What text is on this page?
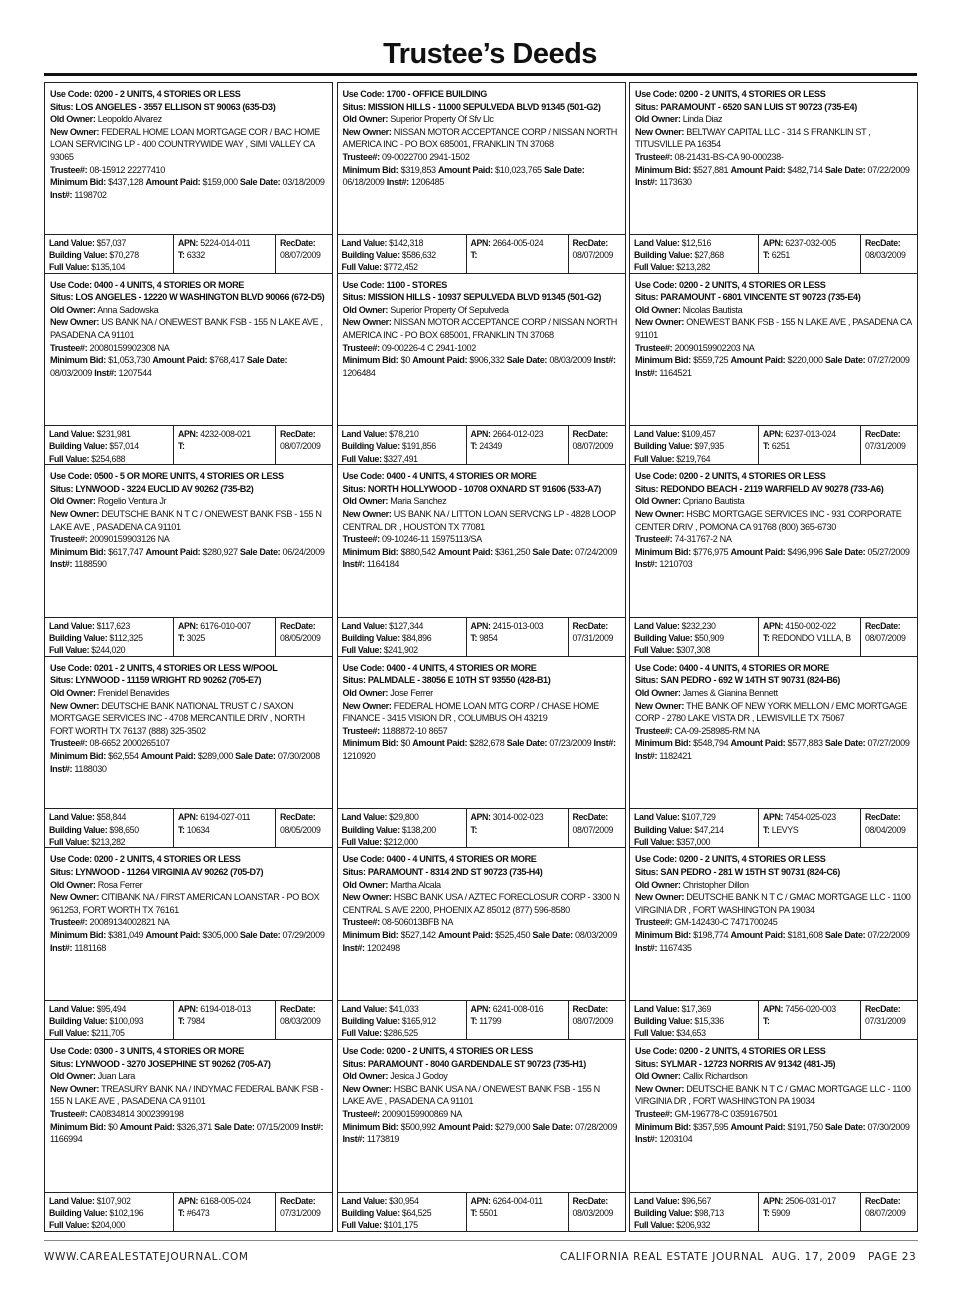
Trustee’s Deeds
Use Code: 0200 - 2 UNITS, 4 STORIES OR LESS
Situs: LOS ANGELES - 3557 ELLISON ST 90063 (635-D3)
Old Owner: Leopoldo Alvarez
New Owner: FEDERAL HOME LOAN MORTGAGE COR / BAC HOME LOAN SERVICING LP - 400 COUNTRYWIDE WAY , SIMI VALLEY CA 93065
Trustee#: 08-15912 22277410
Minimum Bid: $437,128 Amount Paid: $159,000 Sale Date: 03/18/2009 Inst#: 1198702
Land Value: $57,037
Building Value: $70,278
Full Value: $135,104
APN: 5224-014-011
T: 6332
RecDate:
08/07/2009
Use Code: 0400 - 4 UNITS, 4 STORIES OR MORE
Situs: LOS ANGELES - 12220 W WASHINGTON BLVD 90066 (672-D5)
Old Owner: Anna Sadowska
New Owner: US BANK NA / ONEWEST BANK FSB - 155 N LAKE AVE , PASADENA CA 91101
Trustee#: 20080159902308 NA
Minimum Bid: $1,053,730 Amount Paid: $768,417 Sale Date: 08/03/2009 Inst#: 1207544
Land Value: $231,981
Building Value: $57,014
Full Value: $254,688
APN: 4232-008-021
T:
RecDate:
08/07/2009
Use Code: 0500 - 5 OR MORE UNITS, 4 STORIES OR LESS
Situs: LYNWOOD - 3224 EUCLID AV 90262 (735-B2)
Old Owner: Rogelio Ventura Jr
New Owner: DEUTSCHE BANK N T C / ONEWEST BANK FSB - 155 N LAKE AVE , PASADENA CA 91101
Trustee#: 20090159903126 NA
Minimum Bid: $617,747 Amount Paid: $280,927 Sale Date: 06/24/2009 Inst#: 1188590
Land Value: $117,623
Building Value: $112,325
Full Value: $244,020
APN: 6176-010-007
T: 3025
RecDate:
08/05/2009
Use Code: 0201 - 2 UNITS, 4 STORIES OR LESS W/POOL
Situs: LYNWOOD - 11159 WRIGHT RD 90262 (705-E7)
Old Owner: Frenidel Benavides
New Owner: DEUTSCHE BANK NATIONAL TRUST C / SAXON MORTGAGE SERVICES INC - 4708 MERCANTILE DRIV , NORTH FORT WORTH TX 76137 (888) 325-3502
Trustee#: 08-6652 2000265107
Minimum Bid: $62,554 Amount Paid: $289,000 Sale Date: 07/30/2008 Inst#: 1188030
Land Value: $58,844
Building Value: $98,650
Full Value: $213,282
APN: 6194-027-011
T: 10634
RecDate:
08/05/2009
Use Code: 0200 - 2 UNITS, 4 STORIES OR LESS
Situs: LYNWOOD - 11264 VIRGINIA AV 90262 (705-D7)
Old Owner: Rosa Ferrer
New Owner: CITIBANK NA / FIRST AMERICAN LOANSTAR - PO BOX 961253, FORT WORTH TX 76161
Trustee#: 20089134002821 NA
Minimum Bid: $381,049 Amount Paid: $305,000 Sale Date: 07/29/2009 Inst#: 1181168
Land Value: $95,494
Building Value: $100,093
Full Value: $211,705
APN: 6194-018-013
T: 7984
RecDate:
08/03/2009
Use Code: 0300 - 3 UNITS, 4 STORIES OR MORE
Situs: LYNWOOD - 3270 JOSEPHINE ST 90262 (705-A7)
Old Owner: Juan Lara
New Owner: TREASURY BANK NA / INDYMAC FEDERAL BANK FSB - 155 N LAKE AVE , PASADENA CA 91101
Trustee#: CA0834814 3002399198
Minimum Bid: $0 Amount Paid: $326,371 Sale Date: 07/15/2009 Inst#: 1166994
Land Value: $107,902
Building Value: $102,196
Full Value: $204,000
APN: 6168-005-024
T: #6473
RecDate:
07/31/2009
Use Code: 1700 - OFFICE BUILDING
Situs: MISSION HILLS - 11000 SEPULVEDA BLVD 91345 (501-G2)
Old Owner: Superior Property Of Sfv Llc
New Owner: NISSAN MOTOR ACCEPTANCE CORP / NISSAN NORTH AMERICA INC - PO BOX 685001, FRANKLIN TN 37068
Trustee#: 09-0022700 2941-1502
Minimum Bid: $319,853 Amount Paid: $10,023,765 Sale Date: 06/18/2009 Inst#: 1206485
Land Value: $142,318
Building Value: $586,632
Full Value: $772,452
APN: 2664-005-024
T:
RecDate:
08/07/2009
Use Code: 1100 - STORES
Situs: MISSION HILLS - 10937 SEPULVEDA BLVD 91345 (501-G2)
Old Owner: Superior Property Of Sepulveda
New Owner: NISSAN MOTOR ACCEPTANCE CORP / NISSAN NORTH AMERICA INC - PO BOX 685001, FRANKLIN TN 37068
Trustee#: 09-00226-4 C 2941-1002
Minimum Bid: $0 Amount Paid: $906,332 Sale Date: 08/03/2009 Inst#: 1206484
Land Value: $78,210
Building Value: $191,856
Full Value: $327,491
APN: 2664-012-023
T: 24349
RecDate:
08/07/2009
Use Code: 0400 - 4 UNITS, 4 STORIES OR MORE
Situs: NORTH HOLLYWOOD - 10708 OXNARD ST 91606 (533-A7)
Old Owner: Maria Sanchez
New Owner: US BANK NA / LITTON LOAN SERVCNG LP - 4828 LOOP CENTRAL DR , HOUSTON TX 77081
Trustee#: 09-10246-11 15975113/SA
Minimum Bid: $880,542 Amount Paid: $361,250 Sale Date: 07/24/2009 Inst#: 1164184
Land Value: $127,344
Building Value: $84,896
Full Value: $241,902
APN: 2415-013-003
T: 9854
RecDate:
07/31/2009
Use Code: 0400 - 4 UNITS, 4 STORIES OR MORE
Situs: PALMDALE - 38056 E 10TH ST 93550 (428-B1)
Old Owner: Jose Ferrer
New Owner: FEDERAL HOME LOAN MTG CORP / CHASE HOME FINANCE - 3415 VISION DR , COLUMBUS OH 43219
Trustee#: 1188872-10 8657
Minimum Bid: $0 Amount Paid: $282,678 Sale Date: 07/23/2009 Inst#: 1210920
Land Value: $29,800
Building Value: $138,200
Full Value: $212,000
APN: 3014-002-023
T:
RecDate:
08/07/2009
Use Code: 0400 - 4 UNITS, 4 STORIES OR MORE
Situs: PARAMOUNT - 8314 2ND ST 90723 (735-H4)
Old Owner: Martha Alcala
New Owner: HSBC BANK USA / AZTEC FORECLOSUR CORP - 3300 N CENTRAL S AVE 2200, PHOENIX AZ 85012 (877) 596-8580
Trustee#: 08-506013BFB NA
Minimum Bid: $527,142 Amount Paid: $525,450 Sale Date: 08/03/2009 Inst#: 1202498
Land Value: $41,033
Building Value: $165,912
Full Value: $286,525
APN: 6241-008-016
T: 11799
RecDate:
08/07/2009
Use Code: 0200 - 2 UNITS, 4 STORIES OR LESS
Situs: PARAMOUNT - 8040 GARDENDALE ST 90723 (735-H1)
Old Owner: Jesica J Godoy
New Owner: HSBC BANK USA NA / ONEWEST BANK FSB - 155 N LAKE AVE , PASADENA CA 91101
Trustee#: 20090159900869 NA
Minimum Bid: $500,992 Amount Paid: $279,000 Sale Date: 07/28/2009 Inst#: 1173819
Land Value: $30,954
Building Value: $64,525
Full Value: $101,175
APN: 6264-004-011
T: 5501
RecDate:
08/03/2009
Use Code: 0200 - 2 UNITS, 4 STORIES OR LESS
Situs: PARAMOUNT - 6520 SAN LUIS ST 90723 (735-E4)
Old Owner: Linda Diaz
New Owner: BELTWAY CAPITAL LLC - 314 S FRANKLIN ST , TITUSVILLE PA 16354
Trustee#: 08-21431-BS-CA 90-000238-
Minimum Bid: $527,881 Amount Paid: $482,714 Sale Date: 07/22/2009 Inst#: 1173630
Land Value: $12,516
Building Value: $27,868
Full Value: $213,282
APN: 6237-032-005
T: 6251
RecDate:
08/03/2009
Use Code: 0200 - 2 UNITS, 4 STORIES OR LESS
Situs: PARAMOUNT - 6801 VINCENTE ST 90723 (735-E4)
Old Owner: Nicolas Bautista
New Owner: ONEWEST BANK FSB - 155 N LAKE AVE , PASADENA CA 91101
Trustee#: 20090159902203 NA
Minimum Bid: $559,725 Amount Paid: $220,000 Sale Date: 07/27/2009 Inst#: 1164521
Land Value: $109,457
Building Value: $97,935
Full Value: $219,764
APN: 6237-013-024
T: 6251
RecDate:
07/31/2009
Use Code: 0200 - 2 UNITS, 4 STORIES OR LESS
Situs: REDONDO BEACH - 2119 WARFIELD AV 90278 (733-A6)
Old Owner: Cpriano Bautista
New Owner: HSBC MORTGAGE SERVICES INC - 931 CORPORATE CENTER DRIV , POMONA CA 91768 (800) 365-6730
Trustee#: 74-31767-2 NA
Minimum Bid: $776,975 Amount Paid: $496,996 Sale Date: 05/27/2009 Inst#: 1210703
Land Value: $232,230
Building Value: $50,909
Full Value: $307,308
APN: 4150-002-022
T: REDONDO V1LLA, B
RecDate:
08/07/2009
Use Code: 0400 - 4 UNITS, 4 STORIES OR MORE
Situs: SAN PEDRO - 692 W 14TH ST 90731 (824-B6)
Old Owner: James & Gianina Bennett
New Owner: THE BANK OF NEW YORK MELLON / EMC MORTGAGE CORP - 2780 LAKE VISTA DR , LEWISVILLE TX 75067
Trustee#: CA-09-258985-RM NA
Minimum Bid: $548,794 Amount Paid: $577,883 Sale Date: 07/27/2009 Inst#: 1182421
Land Value: $107,729
Building Value: $47,214
Full Value: $357,000
APN: 7454-025-023
T: LEVYS
RecDate:
08/04/2009
Use Code: 0200 - 2 UNITS, 4 STORIES OR LESS
Situs: SAN PEDRO - 281 W 15TH ST 90731 (824-C6)
Old Owner: Christopher Dillon
New Owner: DEUTSCHE BANK N T C / GMAC MORTGAGE LLC - 1100 VIRGINIA DR , FORT WASHINGTON PA 19034
Trustee#: GM-142430-C 7471700245
Minimum Bid: $198,774 Amount Paid: $181,608 Sale Date: 07/22/2009 Inst#: 1167435
Land Value: $17,369
Building Value: $15,336
Full Value: $34,653
APN: 7456-020-003
T:
RecDate:
07/31/2009
Use Code: 0200 - 2 UNITS, 4 STORIES OR LESS
Situs: SYLMAR - 12723 NORRIS AV 91342 (481-J5)
Old Owner: Callix Richardson
New Owner: DEUTSCHE BANK N T C / GMAC MORTGAGE LLC - 1100 VIRGINIA DR , FORT WASHINGTON PA 19034
Trustee#: GM-196778-C 0359167501
Minimum Bid: $357,595 Amount Paid: $191,750 Sale Date: 07/30/2009 Inst#: 1203104
Land Value: $96,567
Building Value: $98,713
Full Value: $206,932
APN: 2506-031-017
T: 5909
RecDate:
08/07/2009
WWW.CAREALESTATEJOURNAL.COM	CALIFORNIA REAL ESTATE JOURNAL AUG. 17, 2009 PAGE 23
